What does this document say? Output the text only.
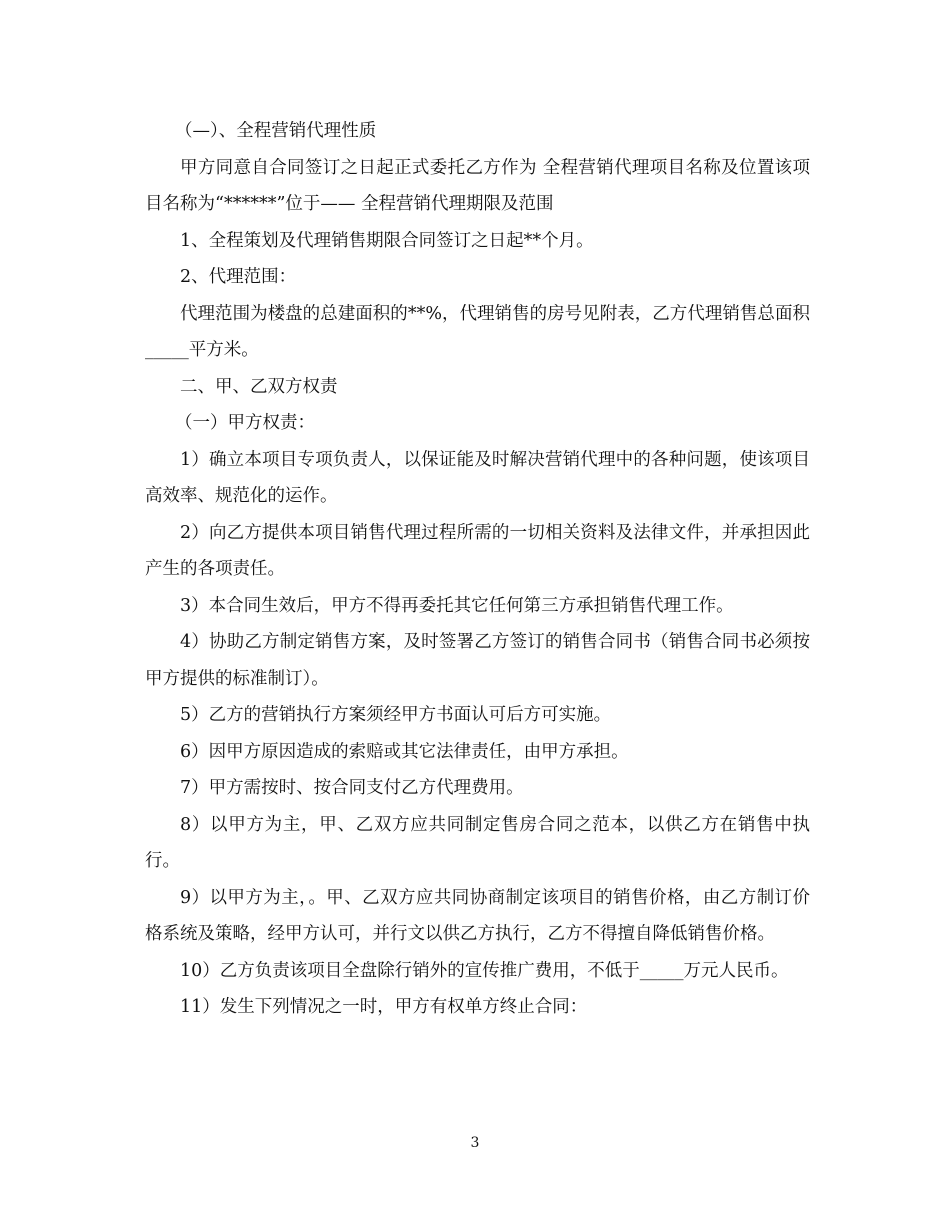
（—）、全程营销代理性质

甲方同意自合同签订之日起正式委托乙方作为 全程营销代理项目名称及位置该项目名称为“******”位于—— 全程营销代理期限及范围

1、全程策划及代理销售期限合同签订之日起**个月。

2、代理范围：

代理范围为楼盘的总建面积的**%，代理销售的房号见附表，乙方代理销售总面积 _____平方米。

二、甲、乙双方权责

（一）甲方权责：

1）确立本项目专项负责人，以保证能及时解决营销代理中的各种问题，使该项目高效率、规范化的运作。

2）向乙方提供本项目销售代理过程所需的一切相关资料及法律文件，并承担因此产生的各项责任。

3）本合同生效后，甲方不得再委托其它任何第三方承担销售代理工作。

4）协助乙方制定销售方案，及时签署乙方签订的销售合同书（销售合同书必须按甲方提供的标准制订）。

5）乙方的营销执行方案须经甲方书面认可后方可实施。

6）因甲方原因造成的索赔或其它法律责任，由甲方承担。

7）甲方需按时、按合同支付乙方代理费用。

8）以甲方为主，甲、乙双方应共同制定售房合同之范本，以供乙方在销售中执行。

9）以甲方为主，。甲、乙双方应共同协商制定该项目的销售价格，由乙方制订价格系统及策略，经甲方认可，并行文以供乙方执行，乙方不得擅自降低销售价格。

10）乙方负责该项目全盘除行销外的宣传推广费用，不低于_____万元人民币。

11）发生下列情况之一时，甲方有权单方终止合同：

3
